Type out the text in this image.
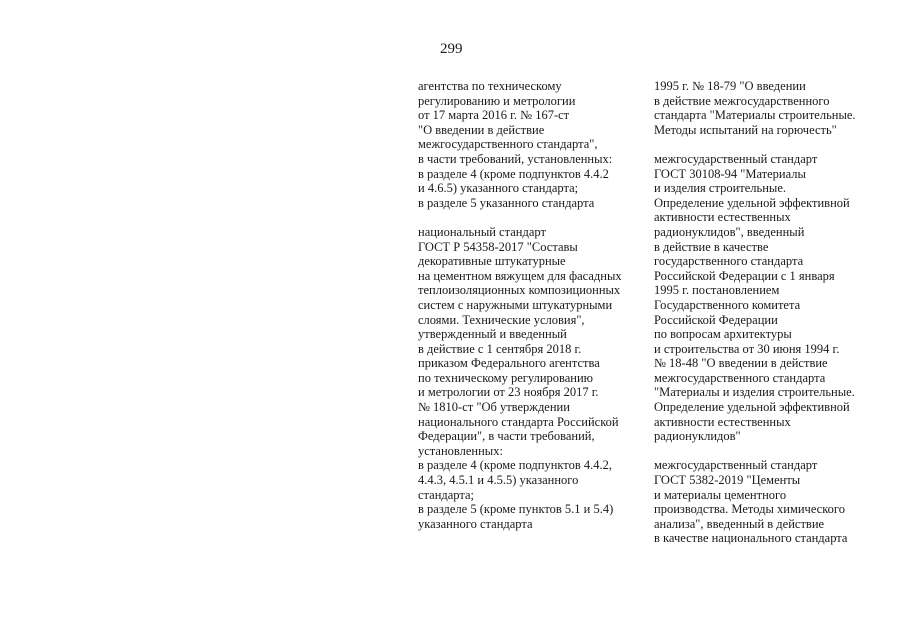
299
агентства по техническому
регулированию и метрологии
от 17 марта 2016 г. № 167-ст
"О введении в действие
межгосударственного стандарта",
в части требований, установленных:
в разделе 4 (кроме подпунктов 4.4.2
и 4.6.5) указанного стандарта;
в разделе 5 указанного стандарта
национальный стандарт
ГОСТ Р 54358-2017 "Составы
декоративные штукатурные
на цементном вяжущем для фасадных
теплоизоляционных композиционных
систем с наружными штукатурными
слоями. Технические условия",
утвержденный и введенный
в действие с 1 сентября 2018 г.
приказом Федерального агентства
по техническому регулированию
и метрологии от 23 ноября 2017 г.
№ 1810-ст "Об утверждении
национального стандарта Российской
Федерации", в части требований,
установленных:
в разделе 4 (кроме подпунктов 4.4.2,
4.4.3, 4.5.1 и 4.5.5) указанного
стандарта;
в разделе 5 (кроме пунктов 5.1 и 5.4)
указанного стандарта
1995 г. № 18-79 "О введении
в действие межгосударственного
стандарта "Материалы строительные.
Методы испытаний на горючесть"
межгосударственный стандарт
ГОСТ 30108-94 "Материалы
и изделия строительные.
Определение удельной эффективной
активности естественных
радионуклидов", введенный
в действие в качестве
государственного стандарта
Российской Федерации с 1 января
1995 г. постановлением
Государственного комитета
Российской Федерации
по вопросам архитектуры
и строительства от 30 июня 1994 г.
№ 18-48 "О введении в действие
межгосударственного стандарта
"Материалы и изделия строительные.
Определение удельной эффективной
активности естественных
радионуклидов"
межгосударственный стандарт
ГОСТ 5382-2019 "Цементы
и материалы цементного
производства. Методы химического
анализа", введенный в действие
в качестве национального стандарта
